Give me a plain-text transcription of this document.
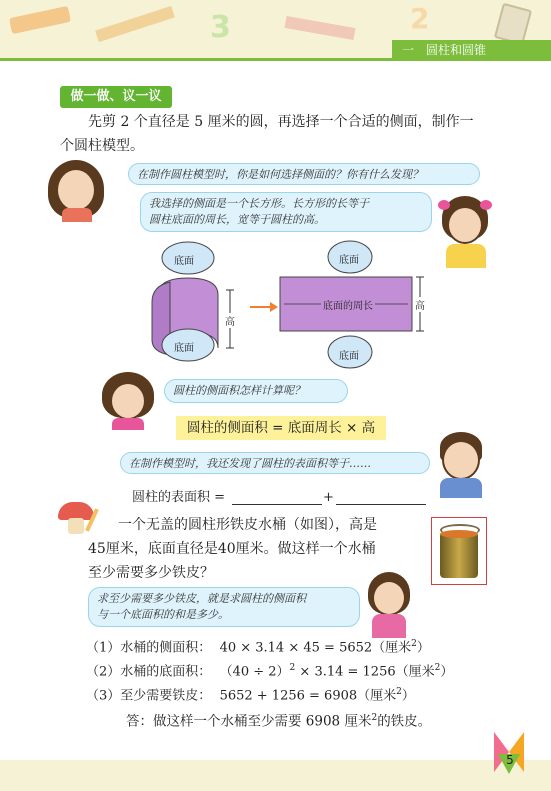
3	2
一 圆柱和圆锥
做一做、议一议
先剪 2 个直径是 5 厘米的圆，再选择一个合适的侧面，制作一
个圆柱模型。
在制作圆柱模型时，你是如何选择侧面的？你有什么发现？
我选择的侧面是一个长方形。长方形的长等于
圆柱底面的周长，宽等于圆柱的高。
底面
底面
高
底面
底面
底面的周长	高
圆柱的侧面积怎样计算呢？
圆柱的侧面积 = 底面周长 × 高
在制作模型时，我还发现了圆柱的表面积等于……
圆柱的表面积 =	+
一个无盖的圆柱形铁皮水桶（如图），高是
45厘米，底面直径是40厘米。做这样一个水桶
至少需要多少铁皮？
求至少需要多少铁皮，就是求圆柱的侧面积
与一个底面积的和是多少。
（1）水桶的侧面积： 40 × 3.14 × 45 = 5652（厘米$^2$）
（2）水桶的底面积： $(40 \div 2)^2 \times 3.14 = 1256$（厘米$^2$）
（3）至少需要铁皮： 5652 + 1256 = 6908（厘米$^2$）
答：做这样一个水桶至少需要 6908 厘米$^2$的铁皮。
5
